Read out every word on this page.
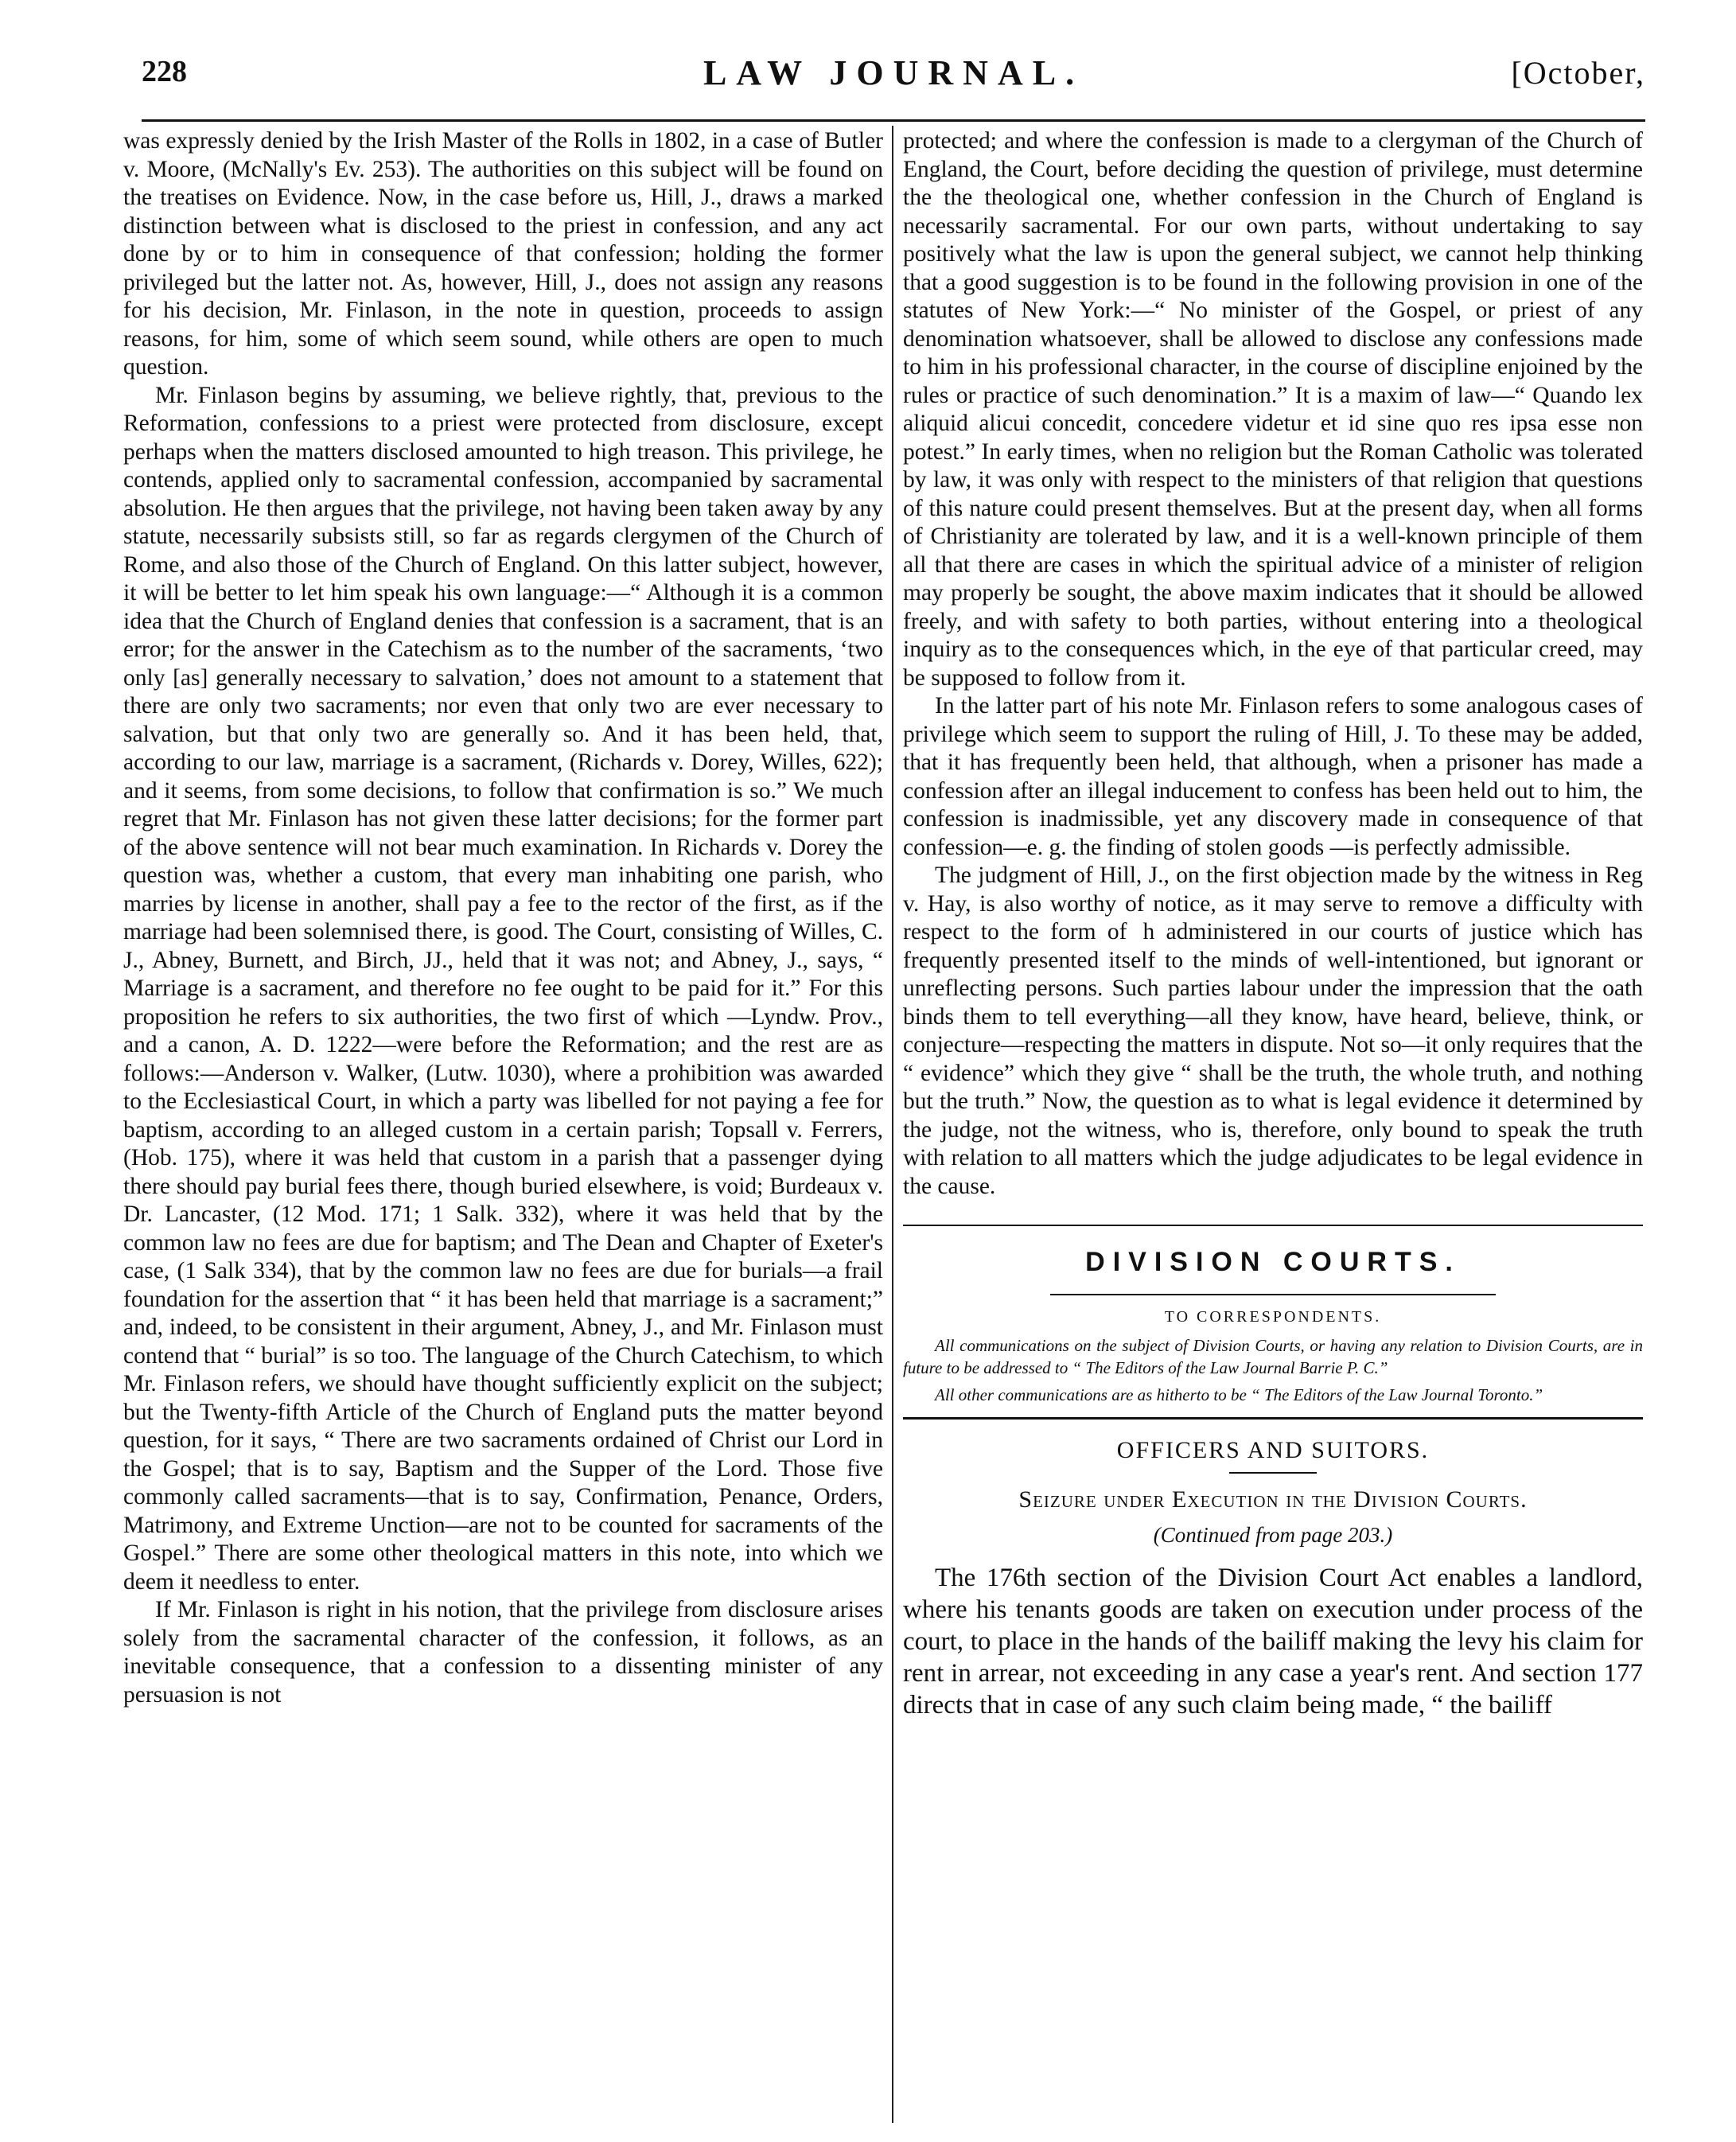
228	LAW JOURNAL.	[October,

was expressly denied by the Irish Master of the Rolls in 1802, in a case of Butler v. Moore, (McNally's Ev. 253). The authorities on this subject will be found on the treatises on Evidence. Now, in the case before us, Hill, J., draws a marked distinction between what is disclosed to the priest in confession, and any act done by or to him in consequence of that confession; holding the former privileged but the latter not. As, however, Hill, J., does not assign any reasons for his decision, Mr. Finlason, in the note in question, proceeds to assign reasons, for him, some of which seem sound, while others are open to much question.

Mr. Finlason begins by assuming, we believe rightly, that, previous to the Reformation, confessions to a priest were protected from disclosure, except perhaps when the matters disclosed amounted to high treason. This privilege, he contends, applied only to sacramental confession, accompanied by sacramental absolution. He then argues that the privilege, not having been taken away by any statute, necessarily subsists still, so far as regards clergymen of the Church of Rome, and also those of the Church of England. On this latter subject, however, it will be better to let him speak his own language:—“ Although it is a common idea that the Church of England denies that confession is a sacrament, that is an error; for the answer in the Catechism as to the number of the sacraments, ‘two only [as] generally necessary to salvation,’ does not amount to a statement that there are only two sacraments; nor even that only two are ever necessary to salvation, but that only two are generally so. And it has been held, that, according to our law, marriage is a sacrament, (Richards v. Dorey, Willes, 622); and it seems, from some decisions, to follow that confirmation is so.” We much regret that Mr. Finlason has not given these latter decisions; for the former part of the above sentence will not bear much examination. In Richards v. Dorey the question was, whether a custom, that every man inhabiting one parish, who marries by license in another, shall pay a fee to the rector of the first, as if the marriage had been solemnised there, is good. The Court, consisting of Willes, C. J., Abney, Burnett, and Birch, JJ., held that it was not; and Abney, J., says, “ Marriage is a sacrament, and therefore no fee ought to be paid for it.” For this proposition he refers to six authorities, the two first of which —Lyndw. Prov., and a canon, A. D. 1222—were before the Reformation; and the rest are as follows:—Anderson v. Walker, (Lutw. 1030), where a prohibition was awarded to the Ecclesiastical Court, in which a party was libelled for not paying a fee for baptism, according to an alleged custom in a certain parish; Topsall v. Ferrers, (Hob. 175), where it was held that custom in a parish that a passenger dying there should pay burial fees there, though buried elsewhere, is void; Burdeaux v. Dr. Lancaster, (12 Mod. 171; 1 Salk. 332), where it was held that by the common law no fees are due for baptism; and The Dean and Chapter of Exeter's case, (1 Salk 334), that by the common law no fees are due for burials—a frail foundation for the assertion that “ it has been held that marriage is a sacrament;” and, indeed, to be consistent in their argument, Abney, J., and Mr. Finlason must contend that “ burial” is so too. The language of the Church Catechism, to which Mr. Finlason refers, we should have thought sufficiently explicit on the subject; but the Twenty-fifth Article of the Church of England puts the matter beyond question, for it says, “ There are two sacraments ordained of Christ our Lord in the Gospel; that is to say, Baptism and the Supper of the Lord. Those five commonly called sacraments—that is to say, Confirmation, Penance, Orders, Matrimony, and Extreme Unction—are not to be counted for sacraments of the Gospel.” There are some other theological matters in this note, into which we deem it needless to enter.

If Mr. Finlason is right in his notion, that the privilege from disclosure arises solely from the sacramental character of the confession, it follows, as an inevitable consequence, that a confession to a dissenting minister of any persuasion is not

protected; and where the confession is made to a clergyman of the Church of England, the Court, before deciding the question of privilege, must determine the the theological one, whether confession in the Church of England is necessarily sacramental. For our own parts, without undertaking to say positively what the law is upon the general subject, we cannot help thinking that a good suggestion is to be found in the following provision in one of the statutes of New York:—“ No minister of the Gospel, or priest of any denomination whatsoever, shall be allowed to disclose any confessions made to him in his professional character, in the course of discipline enjoined by the rules or practice of such denomination.” It is a maxim of law—“ Quando lex aliquid alicui concedit, concedere videtur et id sine quo res ipsa esse non potest.” In early times, when no religion but the Roman Catholic was tolerated by law, it was only with respect to the ministers of that religion that questions of this nature could present themselves. But at the present day, when all forms of Christianity are tolerated by law, and it is a well-known principle of them all that there are cases in which the spiritual advice of a minister of religion may properly be sought, the above maxim indicates that it should be allowed freely, and with safety to both parties, without entering into a theological inquiry as to the consequences which, in the eye of that particular creed, may be supposed to follow from it.

In the latter part of his note Mr. Finlason refers to some analogous cases of privilege which seem to support the ruling of Hill, J. To these may be added, that it has frequently been held, that although, when a prisoner has made a confession after an illegal inducement to confess has been held out to him, the confession is inadmissible, yet any discovery made in consequence of that confession—e. g. the finding of stolen goods —is perfectly admissible.

The judgment of Hill, J., on the first objection made by the witness in Reg v. Hay, is also worthy of notice, as it may serve to remove a difficulty with respect to the form of  h administered in our courts of justice which has frequently presented itself to the minds of well-intentioned, but ignorant or unreflecting persons. Such parties labour under the impression that the oath binds them to tell everything—all they know, have heard, believe, think, or conjecture—respecting the matters in dispute. Not so—it only requires that the “ evidence” which they give “ shall be the truth, the whole truth, and nothing but the truth.” Now, the question as to what is legal evidence it determined by the judge, not the witness, who is, therefore, only bound to speak the truth with relation to all matters which the judge adjudicates to be legal evidence in the cause.

DIVISION COURTS.
TO CORRESPONDENTS.

All communications on the subject of Division Courts, or having any relation to Division Courts, are in future to be addressed to “ The Editors of the Law Journal Barrie P. C.”

All other communications are as hitherto to be “ The Editors of the Law Journal Toronto.”

OFFICERS AND SUITORS.
Seizure under Execution in the Division Courts.
(Continued from page 203.)

The 176th section of the Division Court Act enables a landlord, where his tenants goods are taken on execution under process of the court, to place in the hands of the bailiff making the levy his claim for rent in arrear, not exceeding in any case a year's rent. And section 177 directs that in case of any such claim being made, “ the bailiff
